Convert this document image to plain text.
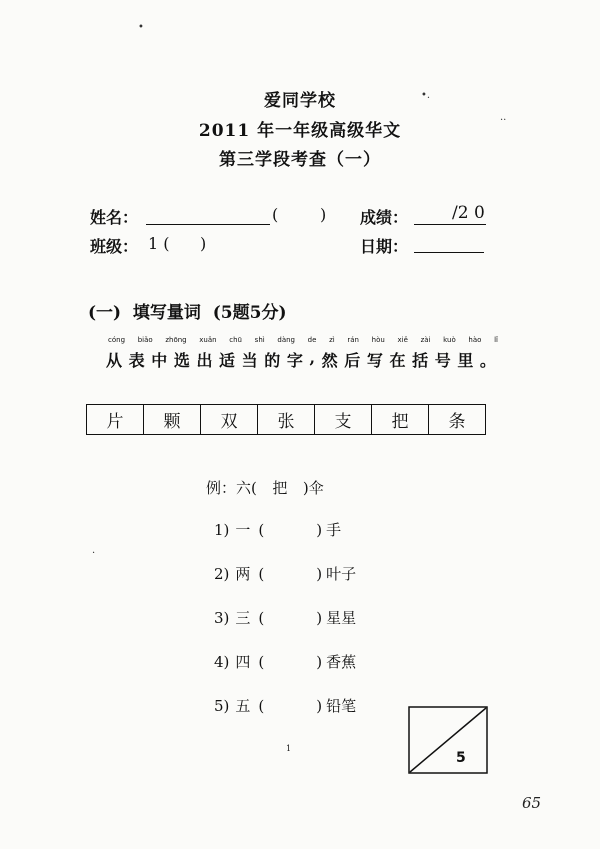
•
•.
..
·
爱同学校
2011 年一年级高级华文
第三学段考查（一）
姓名：	(	) 成绩：	/2 0
班级： 1 ( )	日期：
(一)  填写量词  (5题5分)
cóng biǎo zhōng xuǎn chū shì dàng de zì rán hòu xiě zài kuò hào lǐ
从 表 中 选 出 适 当 的 字 , 然 后 写 在 括 号 里 。
片	颗	双	张	支	把	条
例：六( 把 )伞
1) 一 (	) 手
2) 两 (	) 叶子
3) 三 (	) 星星
4) 四 (	) 香蕉
5) 五 (	) 铅笔
5
1
65
